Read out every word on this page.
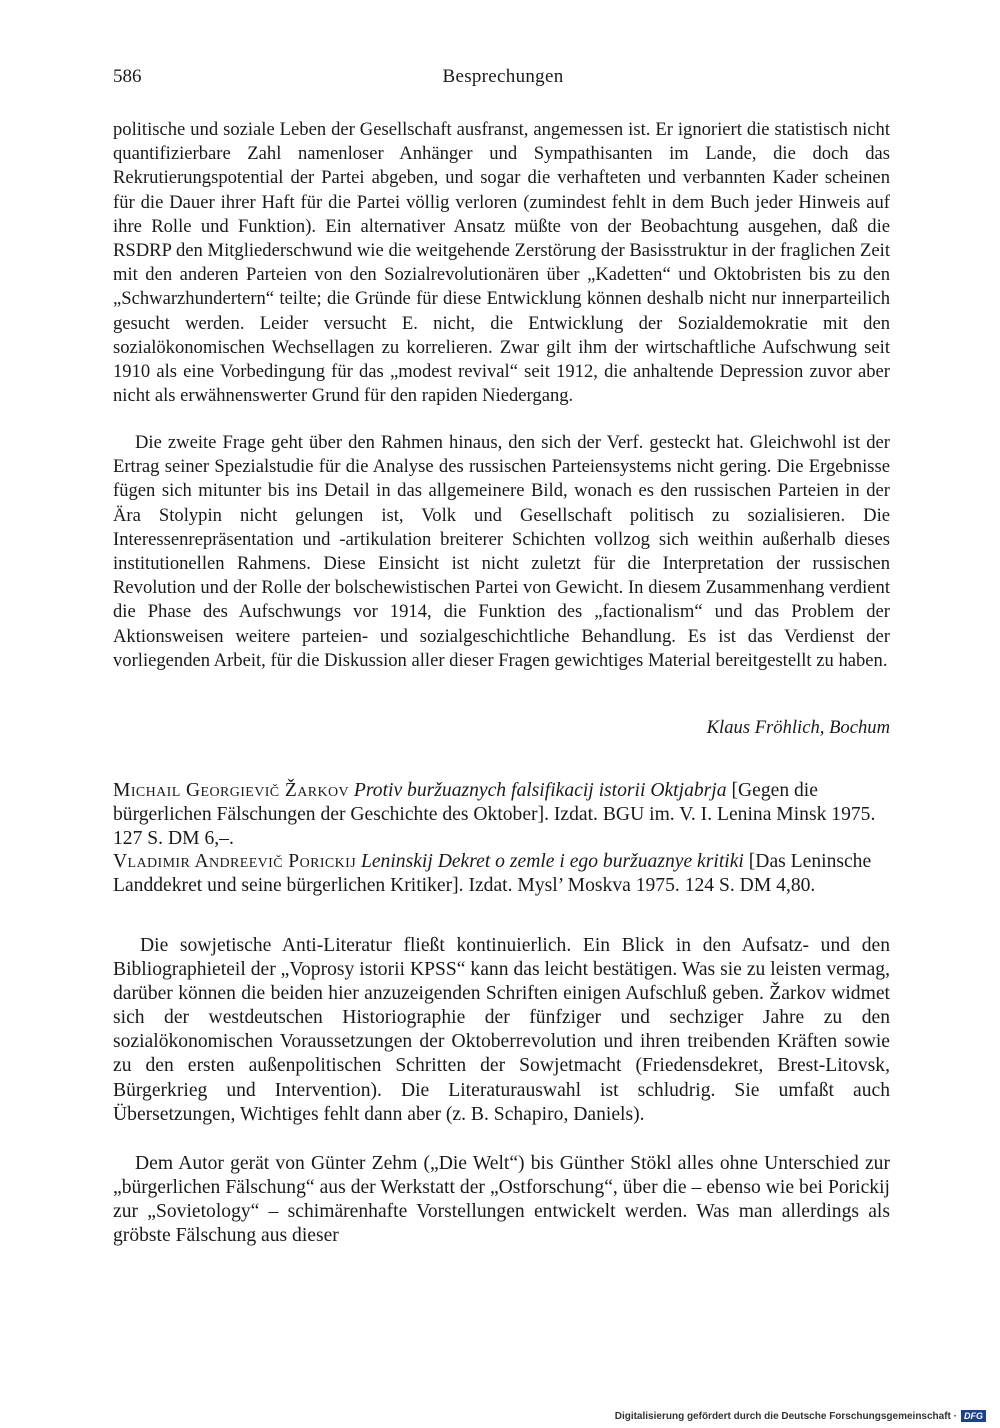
586	Besprechungen

politische und soziale Leben der Gesellschaft ausfranst, angemessen ist. Er ignoriert die statistisch nicht quantifizierbare Zahl namenloser Anhänger und Sympathisanten im Lande, die doch das Rekrutierungspotential der Partei abgeben, und sogar die verhafteten und verbannten Kader scheinen für die Dauer ihrer Haft für die Partei völlig verloren (zumindest fehlt in dem Buch jeder Hinweis auf ihre Rolle und Funktion). Ein alternativer Ansatz müßte von der Beobachtung ausgehen, daß die RSDRP den Mitgliederschwund wie die weitgehende Zerstörung der Basisstruktur in der fraglichen Zeit mit den anderen Parteien von den Sozialrevolutionären über „Kadetten“ und Oktobristen bis zu den „Schwarzhundertern“ teilte; die Gründe für diese Entwicklung können deshalb nicht nur innerparteilich gesucht werden. Leider versucht E. nicht, die Entwicklung der Sozialdemokratie mit den sozialökonomischen Wechsellagen zu korrelieren. Zwar gilt ihm der wirtschaftliche Aufschwung seit 1910 als eine Vorbedingung für das „modest revival“ seit 1912, die anhaltende Depression zuvor aber nicht als erwähnenswerter Grund für den rapiden Niedergang.

Die zweite Frage geht über den Rahmen hinaus, den sich der Verf. gesteckt hat. Gleichwohl ist der Ertrag seiner Spezialstudie für die Analyse des russischen Parteiensystems nicht gering. Die Ergebnisse fügen sich mitunter bis ins Detail in das allgemeinere Bild, wonach es den russischen Parteien in der Ära Stolypin nicht gelungen ist, Volk und Gesellschaft politisch zu sozialisieren. Die Interessenrepräsentation und -artikulation breiterer Schichten vollzog sich weithin außerhalb dieses institutionellen Rahmens. Diese Einsicht ist nicht zuletzt für die Interpretation der russischen Revolution und der Rolle der bolschewistischen Partei von Gewicht. In diesem Zusammenhang verdient die Phase des Aufschwungs vor 1914, die Funktion des „factionalism“ und das Problem der Aktionsweisen weitere parteien- und sozialgeschichtliche Behandlung. Es ist das Verdienst der vorliegenden Arbeit, für die Diskussion aller dieser Fragen gewichtiges Material bereitgestellt zu haben.

Klaus Fröhlich, Bochum

Michail Georgievič Žarkov Protiv buržuaznych falsifikacij istorii Oktjabrja [Gegen die bürgerlichen Fälschungen der Geschichte des Oktober]. Izdat. BGU im. V. I. Lenina Minsk 1975. 127 S. DM 6,–.

Vladimir Andreevič Porickij Leninskij Dekret o zemle i ego buržuaznye kritiki [Das Leninsche Landdekret und seine bürgerlichen Kritiker]. Izdat. Mysl’ Moskva 1975. 124 S. DM 4,80.

Die sowjetische Anti-Literatur fließt kontinuierlich. Ein Blick in den Aufsatz- und den Bibliographieteil der „Voprosy istorii KPSS“ kann das leicht bestätigen. Was sie zu leisten vermag, darüber können die beiden hier anzuzeigenden Schriften einigen Aufschluß geben. Žarkov widmet sich der westdeutschen Historiographie der fünfziger und sechziger Jahre zu den sozialökonomischen Voraussetzungen der Oktoberrevolution und ihren treibenden Kräften sowie zu den ersten außenpolitischen Schritten der Sowjetmacht (Friedensdekret, Brest-Litovsk, Bürgerkrieg und Intervention). Die Literaturauswahl ist schludrig. Sie umfaßt auch Übersetzungen, Wichtiges fehlt dann aber (z. B. Schapiro, Daniels).

Dem Autor gerät von Günter Zehm („Die Welt“) bis Günther Stökl alles ohne Unterschied zur „bürgerlichen Fälschung“ aus der Werkstatt der „Ostforschung“, über die – ebenso wie bei Porickij zur „Sovietology“ – schimärenhafte Vorstellungen entwickelt werden. Was man allerdings als gröbste Fälschung aus dieser

Digitalisierung gefördert durch die Deutsche Forschungsgemeinschaft · DFG
